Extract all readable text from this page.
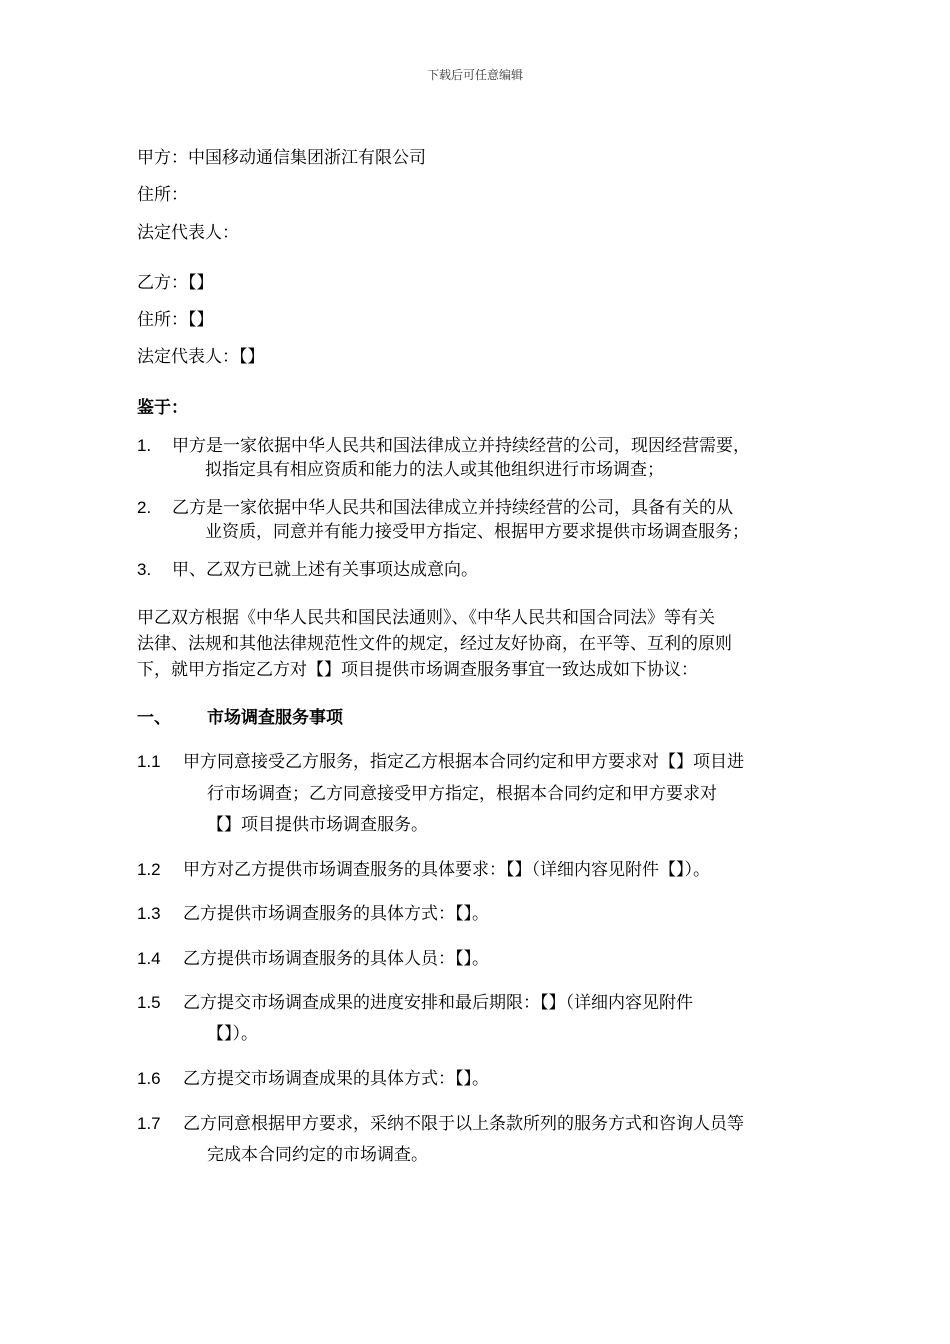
下载后可任意编辑
甲方：中国移动通信集团浙江有限公司
住所：
法定代表人：
乙方：【】
住所：【】
法定代表人：【】
鉴于：
1. 甲方是一家依据中华人民共和国法律成立并持续经营的公司，现因经营需要，
拟指定具有相应资质和能力的法人或其他组织进行市场调查；
2. 乙方是一家依据中华人民共和国法律成立并持续经营的公司，具备有关的从
业资质，同意并有能力接受甲方指定、根据甲方要求提供市场调查服务；
3. 甲、乙双方已就上述有关事项达成意向。
甲乙双方根据《中华人民共和国民法通则》、《中华人民共和国合同法》等有关
法律、法规和其他法律规范性文件的规定，经过友好协商，在平等、互利的原则
下，就甲方指定乙方对【】项目提供市场调查服务事宜一致达成如下协议：
一、 市场调查服务事项
1.1 甲方同意接受乙方服务，指定乙方根据本合同约定和甲方要求对【】项目进
行市场调查；乙方同意接受甲方指定，根据本合同约定和甲方要求对
【】项目提供市场调查服务。
1.2 甲方对乙方提供市场调查服务的具体要求：【】（详细内容见附件【】）。
1.3 乙方提供市场调查服务的具体方式：【】。
1.4 乙方提供市场调查服务的具体人员：【】。
1.5 乙方提交市场调查成果的进度安排和最后期限：【】（详细内容见附件
【】）。
1.6 乙方提交市场调查成果的具体方式：【】。
1.7 乙方同意根据甲方要求，采纳不限于以上条款所列的服务方式和咨询人员等
完成本合同约定的市场调查。
